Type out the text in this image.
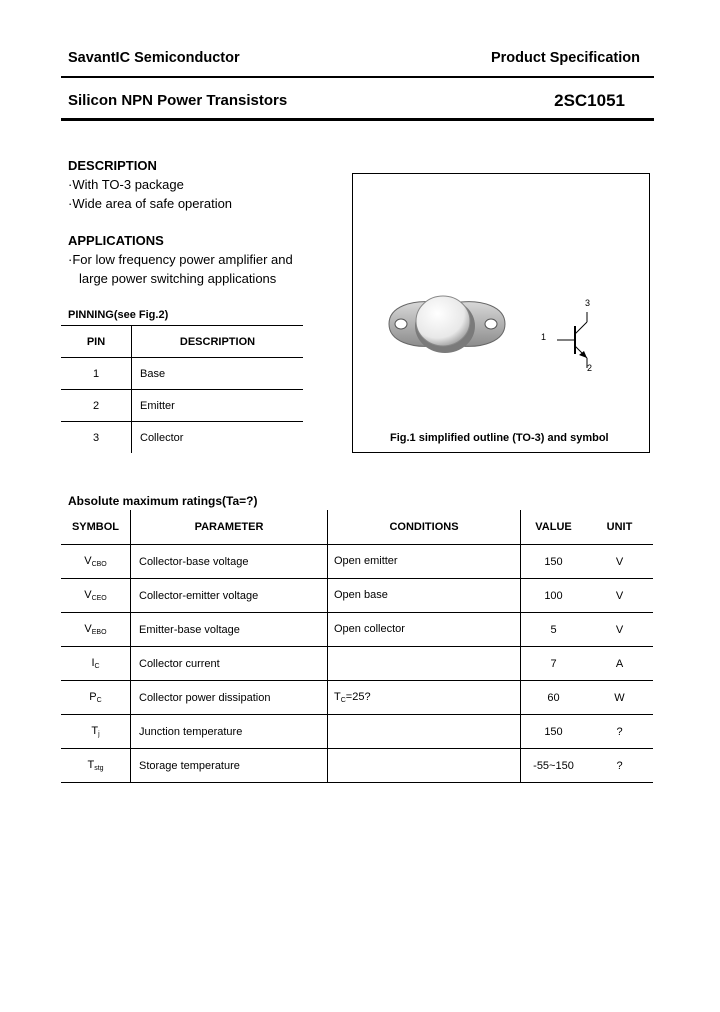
SavantIC Semiconductor	Product Specification
Silicon NPN Power Transistors	2SC1051
DESCRIPTION
·With TO-3 package
·Wide area of safe operation
APPLICATIONS
·For low frequency power amplifier and
large power switching applications
PINNING(see Fig.2)
PIN	DESCRIPTION
1	Base
2	Emitter
3	Collector
1
2
3
Fig.1 simplified outline (TO-3) and symbol
Absolute maximum ratings(Ta=?)
SYMBOL	PARAMETER	CONDITIONS	VALUE	UNIT
$V_{CBO}$	Collector-base voltage	Open emitter	150	V
$V_{CEO}$	Collector-emitter voltage	Open base	100	V
$V_{EBO}$	Emitter-base voltage	Open collector	5	V
$I_C$	Collector current		7	A
$P_C$	Collector power dissipation	$T_C=25$?	60	W
$T_j$	Junction temperature		150	?
$T_{stg}$	Storage temperature		-55~150	?
